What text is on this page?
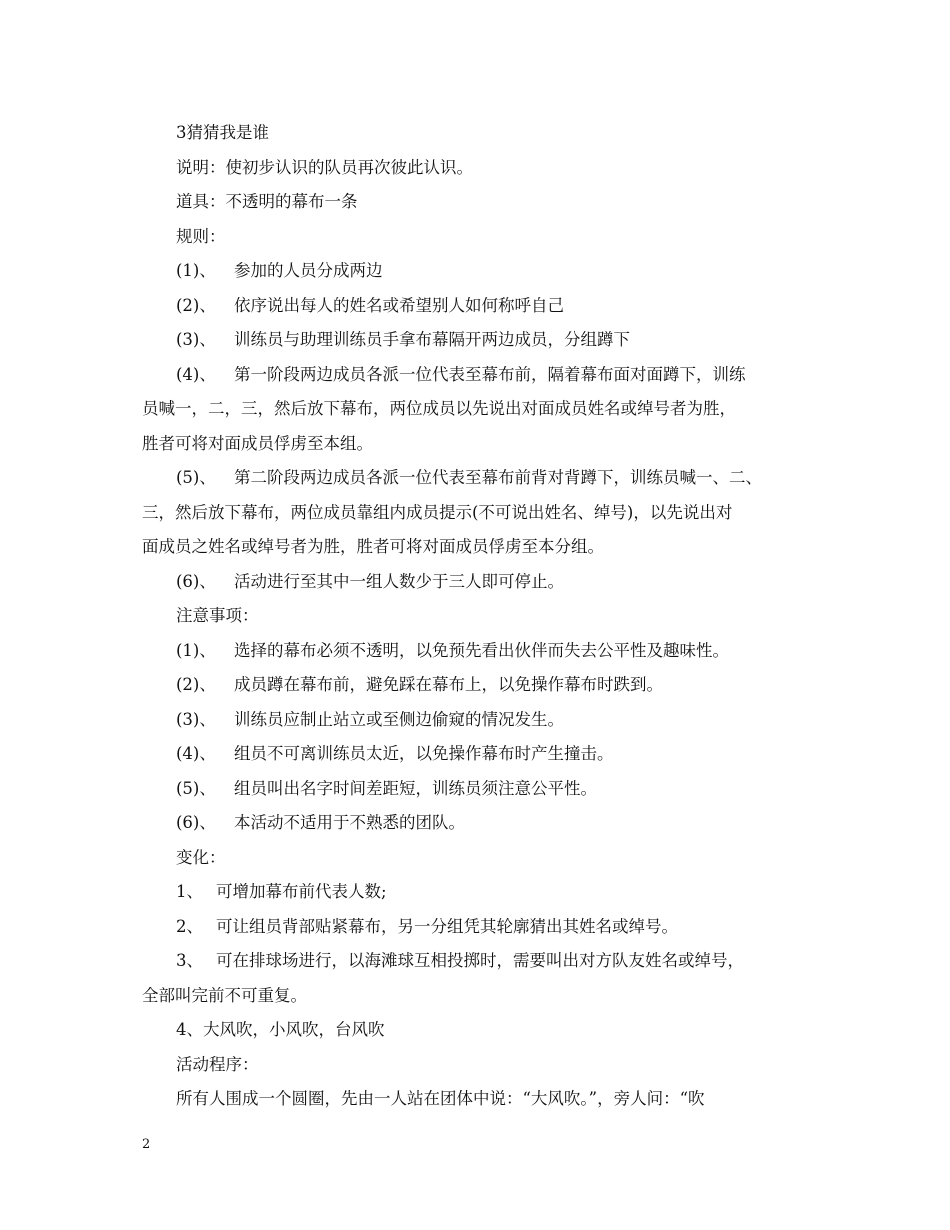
3猜猜我是谁
说明：使初步认识的队员再次彼此认识。
道具：不透明的幕布一条
规则：
(1)、 参加的人员分成两边
(2)、 依序说出每人的姓名或希望别人如何称呼自己
(3)、 训练员与助理训练员手拿布幕隔开两边成员，分组蹲下
(4)、 第一阶段两边成员各派一位代表至幕布前，隔着幕布面对面蹲下，训练
员喊一，二，三，然后放下幕布，两位成员以先说出对面成员姓名或绰号者为胜，
胜者可将对面成员俘虏至本组。
(5)、 第二阶段两边成员各派一位代表至幕布前背对背蹲下，训练员喊一、二、
三，然后放下幕布，两位成员靠组内成员提示(不可说出姓名、绰号)，以先说出对
面成员之姓名或绰号者为胜，胜者可将对面成员俘虏至本分组。
(6)、 活动进行至其中一组人数少于三人即可停止。
注意事项：
(1)、 选择的幕布必须不透明，以免预先看出伙伴而失去公平性及趣味性。
(2)、 成员蹲在幕布前，避免踩在幕布上，以免操作幕布时跌到。
(3)、 训练员应制止站立或至侧边偷窥的情况发生。
(4)、 组员不可离训练员太近，以免操作幕布时产生撞击。
(5)、 组员叫出名字时间差距短，训练员须注意公平性。
(6)、 本活动不适用于不熟悉的团队。
变化：
1、 可增加幕布前代表人数;
2、 可让组员背部贴紧幕布，另一分组凭其轮廓猜出其姓名或绰号。
3、 可在排球场进行，以海滩球互相投掷时，需要叫出对方队友姓名或绰号，
全部叫完前不可重复。
4、大风吹，小风吹，台风吹
活动程序：
所有人围成一个圆圈，先由一人站在团体中说：“大风吹。”，旁人问：“吹
2
